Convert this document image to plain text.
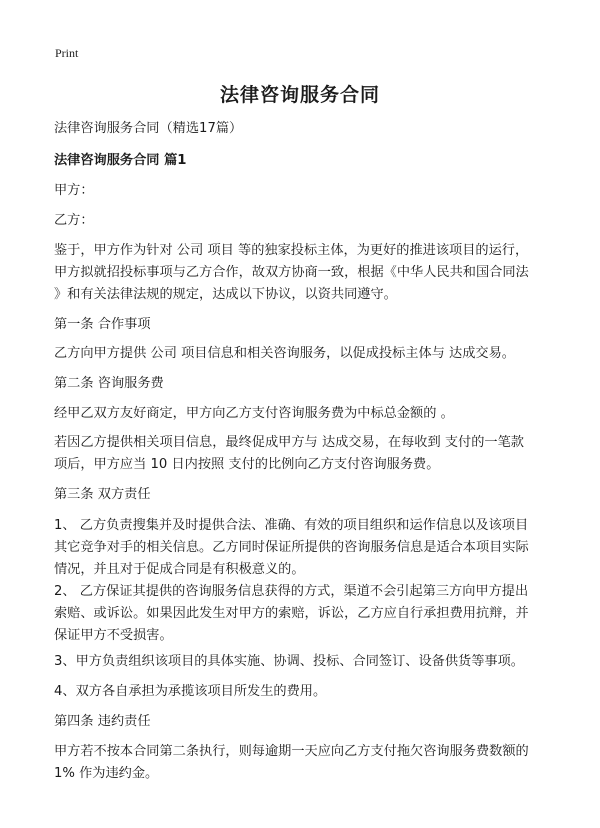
Print
法律咨询服务合同
法律咨询服务合同（精选17篇）
法律咨询服务合同 篇1
甲方：
乙方：
鉴于，甲方作为针对 公司 项目 等的独家投标主体，为更好的推进该项目的运行，
甲方拟就招投标事项与乙方合作，故双方协商一致，根据《中华人民共和国合同法
》和有关法律法规的规定，达成以下协议，以资共同遵守。
第一条 合作事项
乙方向甲方提供 公司 项目信息和相关咨询服务，以促成投标主体与 达成交易。
第二条 咨询服务费
经甲乙双方友好商定，甲方向乙方支付咨询服务费为中标总金额的 。
若因乙方提供相关项目信息，最终促成甲方与 达成交易，在每收到 支付的一笔款
项后，甲方应当 10 日内按照 支付的比例向乙方支付咨询服务费。
第三条 双方责任
1、 乙方负责搜集并及时提供合法、准确、有效的项目组织和运作信息以及该项目
其它竞争对手的相关信息。乙方同时保证所提供的咨询服务信息是适合本项目实际
情况，并且对于促成合同是有积极意义的。
2、 乙方保证其提供的咨询服务信息获得的方式，渠道不会引起第三方向甲方提出
索赔、或诉讼。如果因此发生对甲方的索赔，诉讼，乙方应自行承担费用抗辩，并
保证甲方不受损害。
3、甲方负责组织该项目的具体实施、协调、投标、合同签订、设备供货等事项。
4、双方各自承担为承揽该项目所发生的费用。
第四条 违约责任
甲方若不按本合同第二条执行，则每逾期一天应向乙方支付拖欠咨询服务费数额的
1% 作为违约金。
